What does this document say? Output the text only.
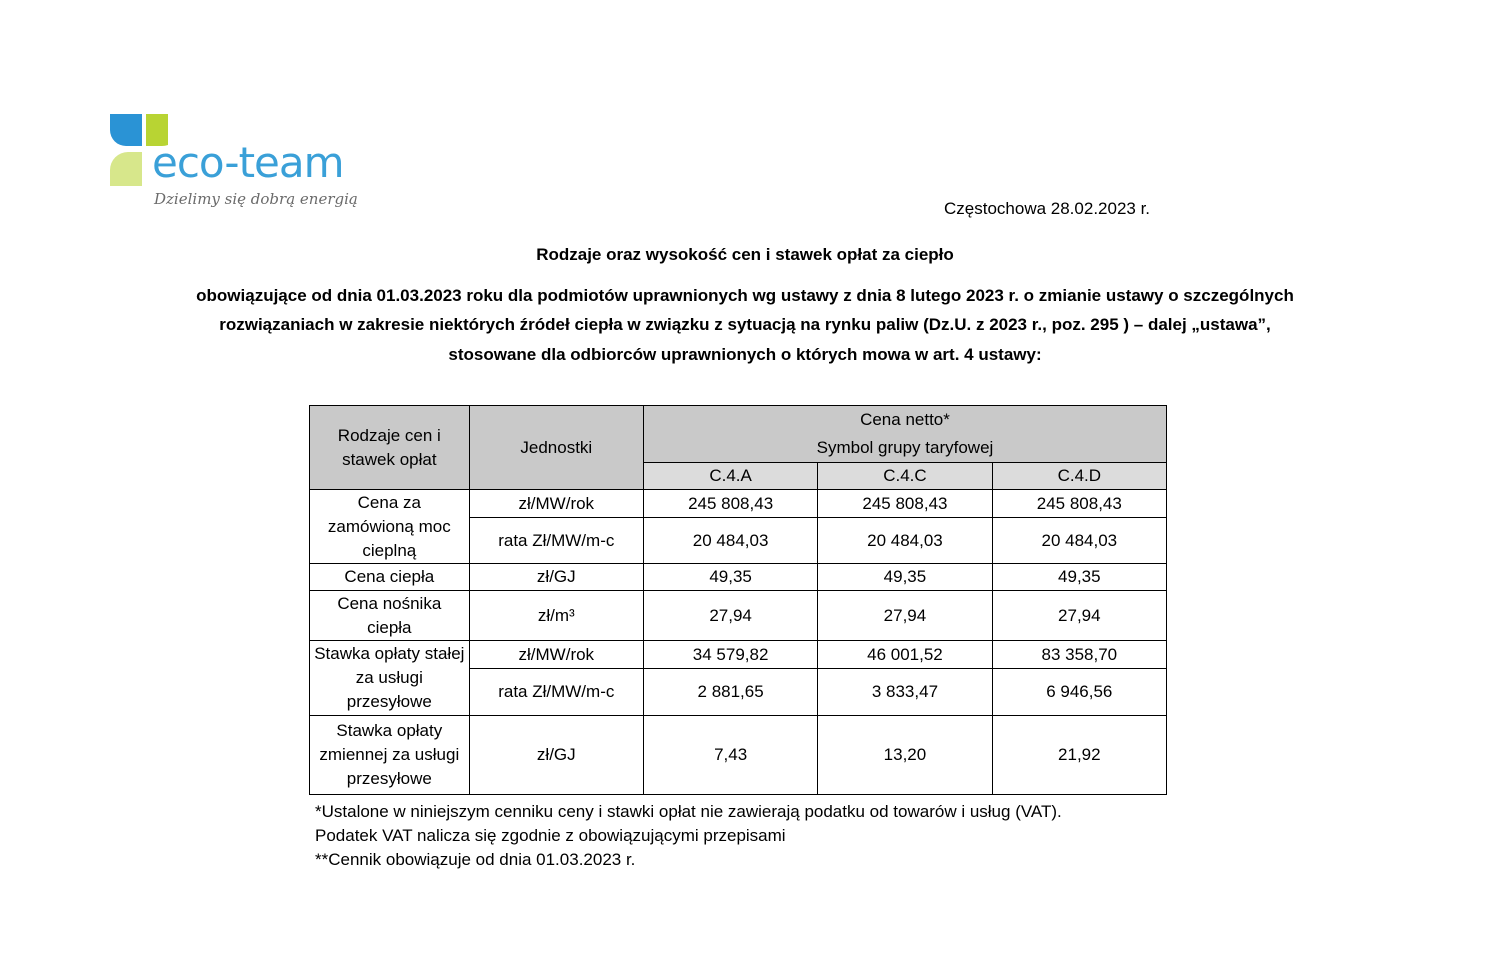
eco-team
Dzielimy się dobrą energią	Częstochowa 28.02.2023 r.
Rodzaje oraz wysokość cen i stawek opłat za ciepło
obowiązujące od dnia 01.03.2023 roku dla podmiotów uprawnionych wg ustawy z dnia 8 lutego 2023 r. o zmianie ustawy o szczególnych
rozwiązaniach w zakresie niektórych źródeł ciepła w związku z sytuacją na rynku paliw (Dz.U. z 2023 r., poz. 295 ) – dalej „ustawa”,
stosowane dla odbiorców uprawnionych o których mowa w art. 4 ustawy:
Rodzaje cen i stawek opłat	Jednostki	Cena netto*		
		Symbol grupy taryfowej		
		C.4.A	C.4.C	C.4.D
Cena za zamówioną moc cieplną	zł/MW/rok	245 808,43	245 808,43	245 808,43
	rata Zł/MW/m-c	20 484,03	20 484,03	20 484,03
Cena ciepła	zł/GJ	49,35	49,35	49,35
Cena nośnika ciepła	zł/m³	27,94	27,94	27,94
Stawka opłaty stałej za usługi przesyłowe	zł/MW/rok	34 579,82	46 001,52	83 358,70
	rata Zł/MW/m-c	2 881,65	3 833,47	6 946,56
Stawka opłaty zmiennej za usługi przesyłowe	zł/GJ	7,43	13,20	21,92
*Ustalone w niniejszym cenniku ceny i stawki opłat nie zawierają podatku od towarów i usług (VAT).
Podatek VAT nalicza się zgodnie z obowiązującymi przepisami
**Cennik obowiązuje od dnia 01.03.2023 r.
